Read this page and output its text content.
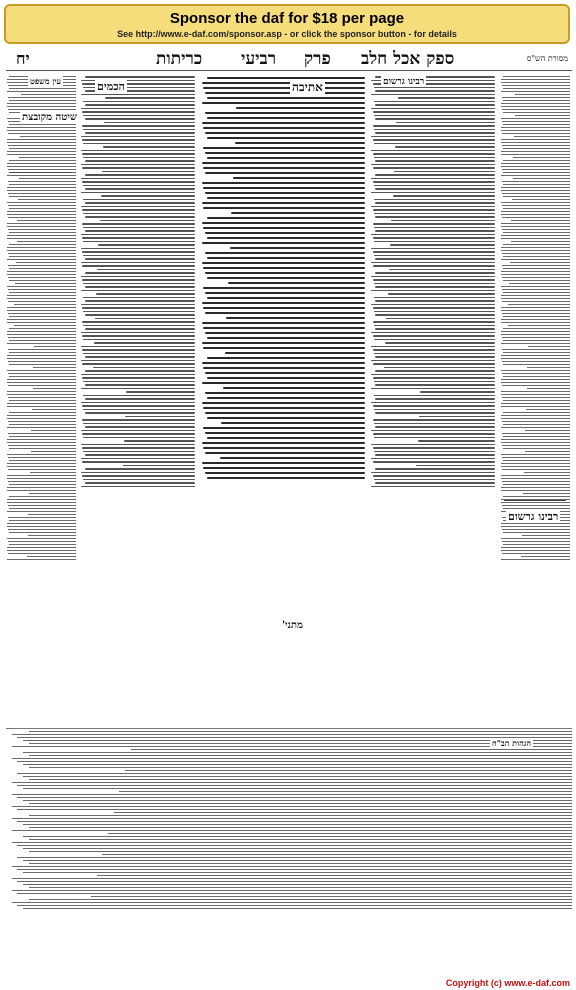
Sponsor the daf for $18 per page
See http://www.e-daf.com/sponsor.asp - or click the sponsor button - for details
יח	כריתות רביעי פרק ספק אכל חלב	מסורת הש"ס
אתיבה	רבינו גרשום
הכמים
רבינו גרשום
שיטה מקובצת
עין משפט
מתני'
הגהות הב"ח
Copyright (c) www.e-daf.com
